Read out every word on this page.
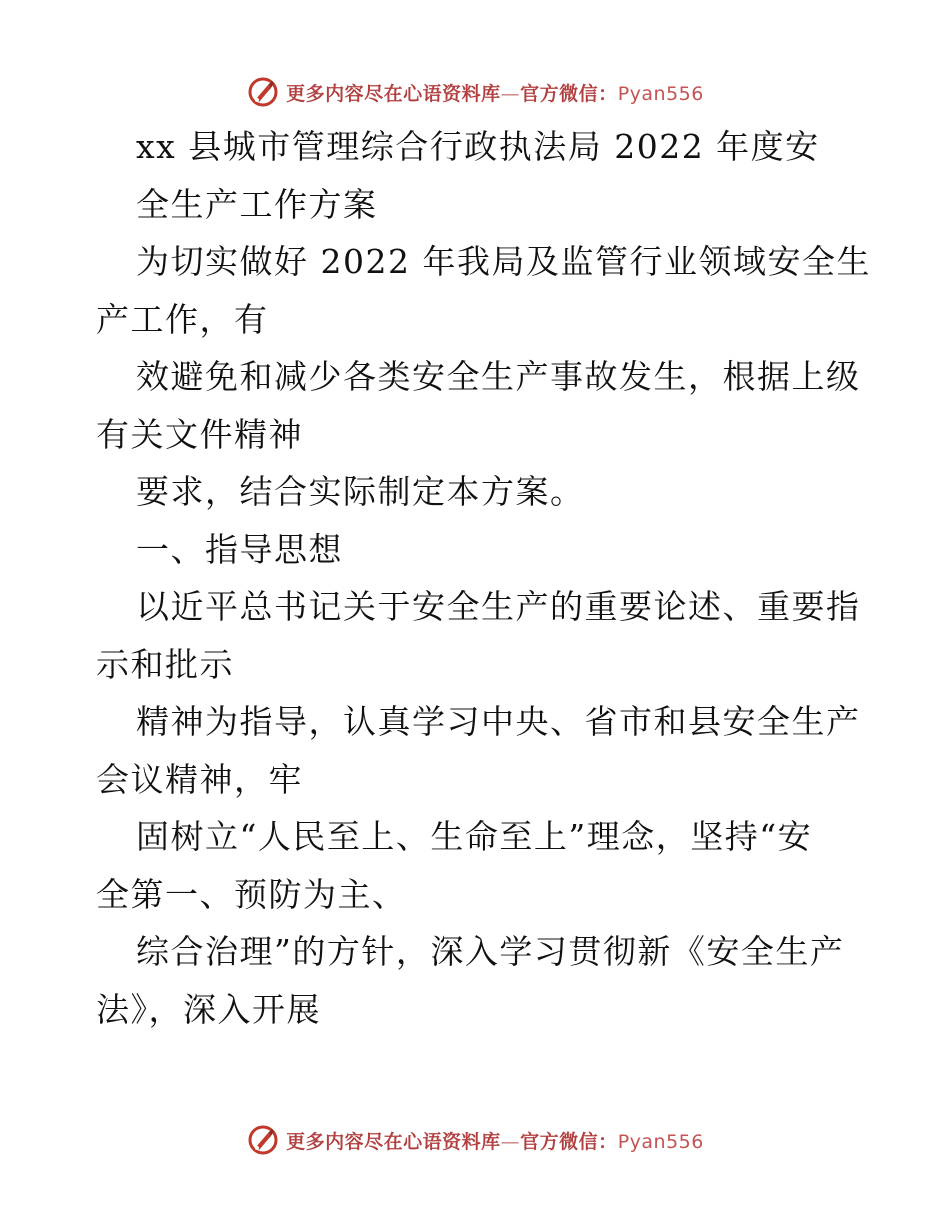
更多内容尽在心语资料库—官方微信：Pyan556
xx 县城市管理综合行政执法局 2022 年度安
全生产工作方案
为切实做好 2022 年我局及监管行业领域安全生
产工作，有
效避免和减少各类安全生产事故发生，根据上级
有关文件精神
要求，结合实际制定本方案。
一、指导思想
以近平总书记关于安全生产的重要论述、重要指
示和批示
精神为指导，认真学习中央、省市和县安全生产
会议精神，牢
固树立“人民至上、生命至上”理念，坚持“安
全第一、预防为主、
综合治理”的方针，深入学习贯彻新《安全生产
法》，深入开展
更多内容尽在心语资料库—官方微信：Pyan556
